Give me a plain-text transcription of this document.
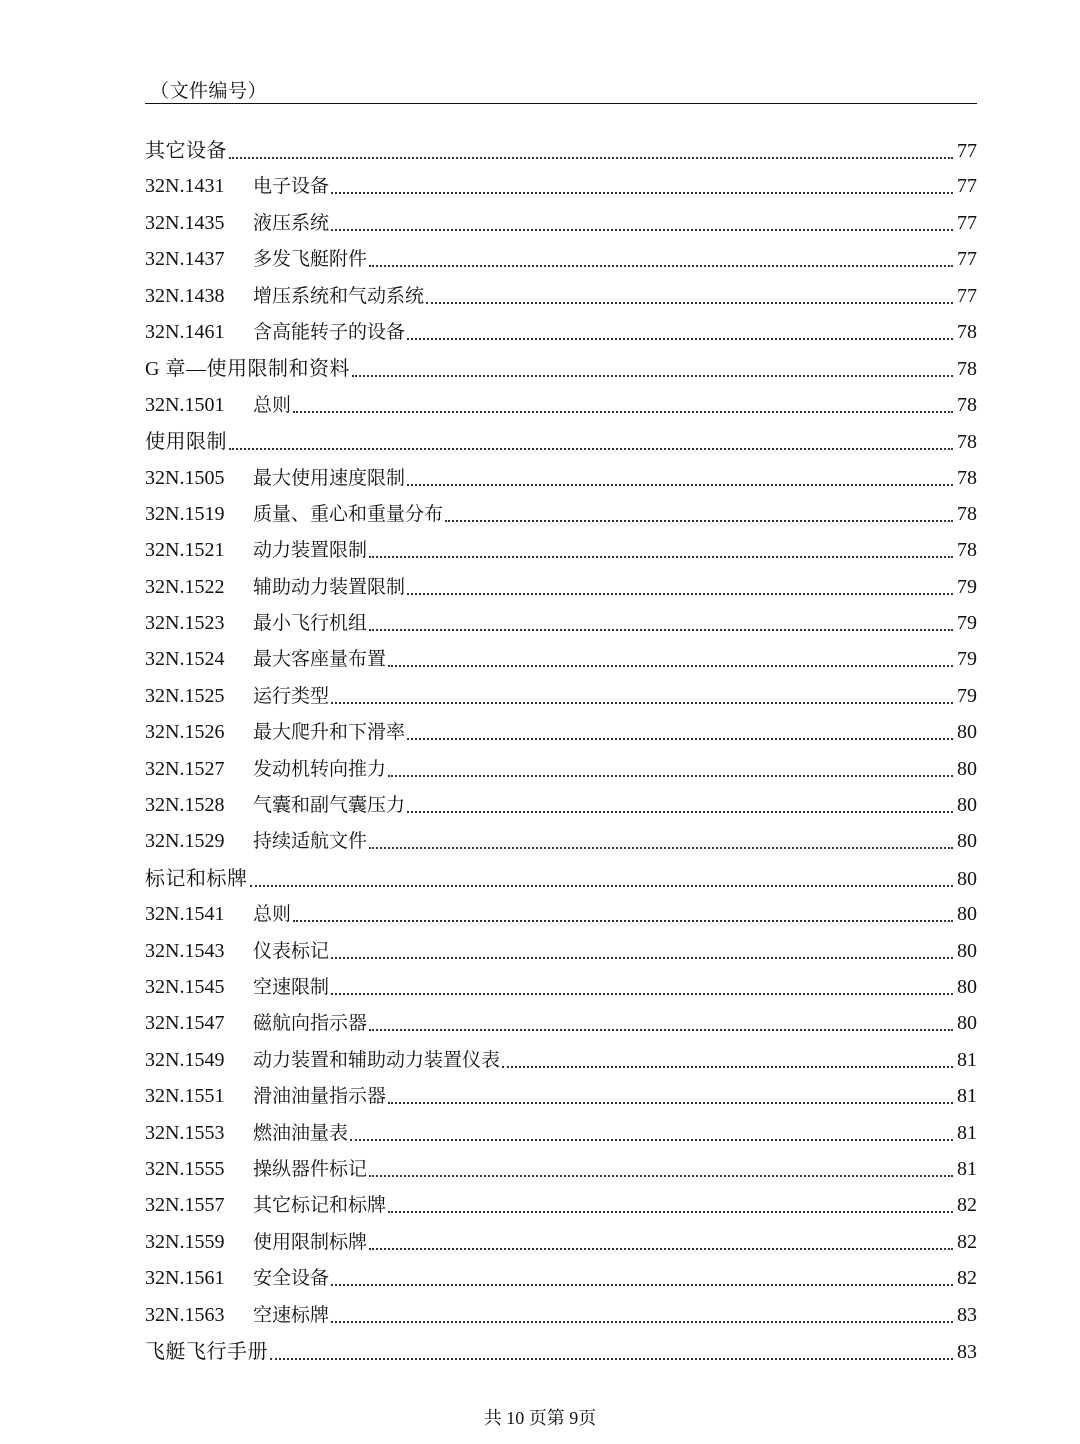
（文件编号）
其它设备	77
32N.1431	电子设备	77
32N.1435	液压系统	77
32N.1437	多发飞艇附件	77
32N.1438	增压系统和气动系统	77
32N.1461	含高能转子的设备	78
G 章—使用限制和资料	78
32N.1501	总则	78
使用限制	78
32N.1505	最大使用速度限制	78
32N.1519	质量、重心和重量分布	78
32N.1521	动力装置限制	78
32N.1522	辅助动力装置限制	79
32N.1523	最小飞行机组	79
32N.1524	最大客座量布置	79
32N.1525	运行类型	79
32N.1526	最大爬升和下滑率	80
32N.1527	发动机转向推力	80
32N.1528	气囊和副气囊压力	80
32N.1529	持续适航文件	80
标记和标牌	80
32N.1541	总则	80
32N.1543	仪表标记	80
32N.1545	空速限制	80
32N.1547	磁航向指示器	80
32N.1549	动力装置和辅助动力装置仪表	81
32N.1551	滑油油量指示器	81
32N.1553	燃油油量表	81
32N.1555	操纵器件标记	81
32N.1557	其它标记和标牌	82
32N.1559	使用限制标牌	82
32N.1561	安全设备	82
32N.1563	空速标牌	83
飞艇飞行手册	83
共 10 页第 9页
